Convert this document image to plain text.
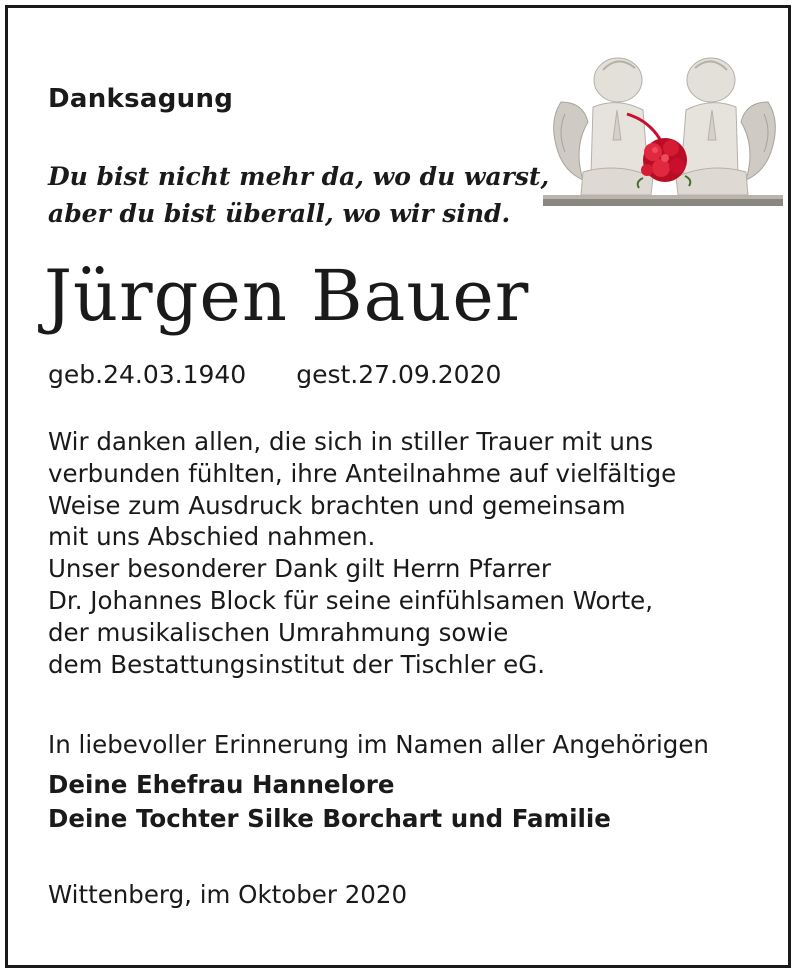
Danksagung
Du bist nicht mehr da, wo du warst,
aber du bist überall, wo wir sind.
Jürgen Bauer
geb.24.03.1940 gest.27.09.2020
Wir danken allen, die sich in stiller Trauer mit uns
verbunden fühlten, ihre Anteilnahme auf vielfältige
Weise zum Ausdruck brachten und gemeinsam
mit uns Abschied nahmen.
Unser besonderer Dank gilt Herrn Pfarrer
Dr. Johannes Block für seine einfühlsamen Worte,
der musikalischen Umrahmung sowie
dem Bestattungsinstitut der Tischler eG.
In liebevoller Erinnerung im Namen aller Angehörigen
Deine Ehefrau Hannelore
Deine Tochter Silke Borchart und Familie
Wittenberg, im Oktober 2020
